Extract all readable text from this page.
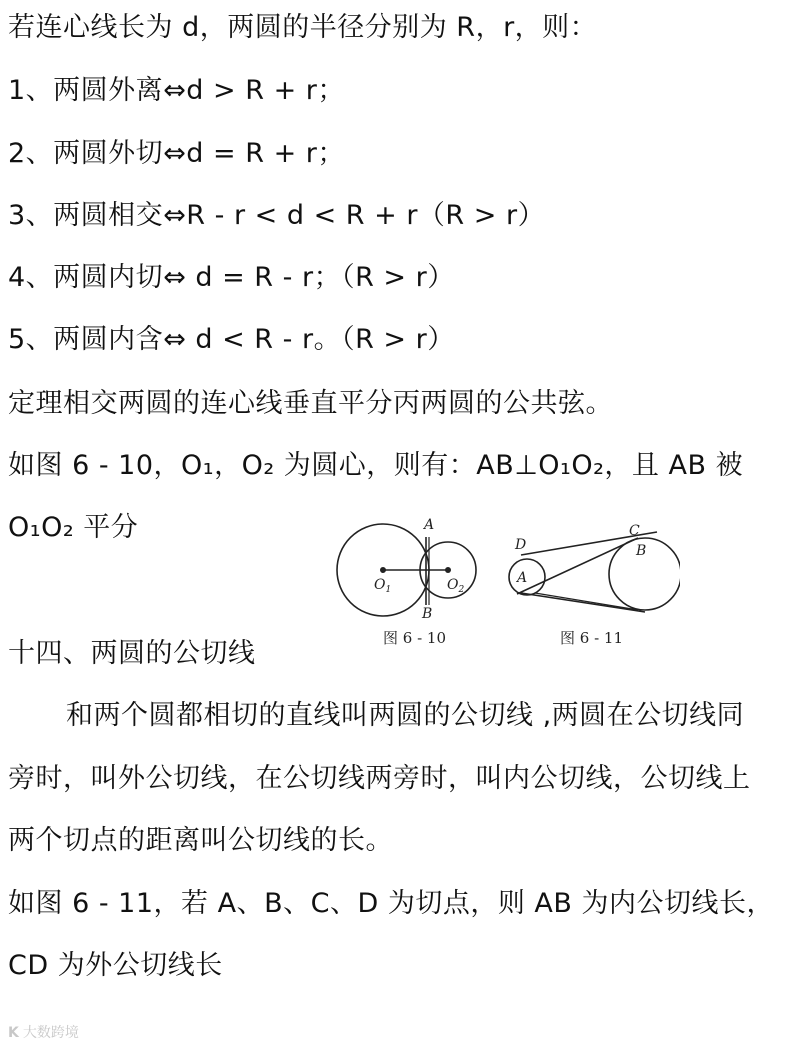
若连心线长为 d，两圆的半径分别为 R，r，则：
1、两圆外离⇔d > R + r；
2、两圆外切⇔d = R + r；
3、两圆相交⇔R - r < d < R + r（R > r）
4、两圆内切⇔ d = R - r；（R > r）
5、两圆内含⇔ d < R - r。（R > r）
定理相交两圆的连心线垂直平分丙两圆的公共弦。
如图 6 - 10，O₁，O₂ 为圆心，则有：AB⊥O₁O₂，且 AB 被
O₁O₂ 平分
十四、两圆的公切线
和两个圆都相切的直线叫两圆的公切线 ,两圆在公切线同
旁时，叫外公切线，在公切线两旁时，叫内公切线，公切线上
两个切点的距离叫公切线的长。
如图 6 - 11，若 A、B、C、D 为切点，则 AB 为内公切线长，
CD 为外公切线长
A
B
$O_1$	$O_2$
图 6 - 10
D
A
C
B
图 6 - 11
K 大数跨境
